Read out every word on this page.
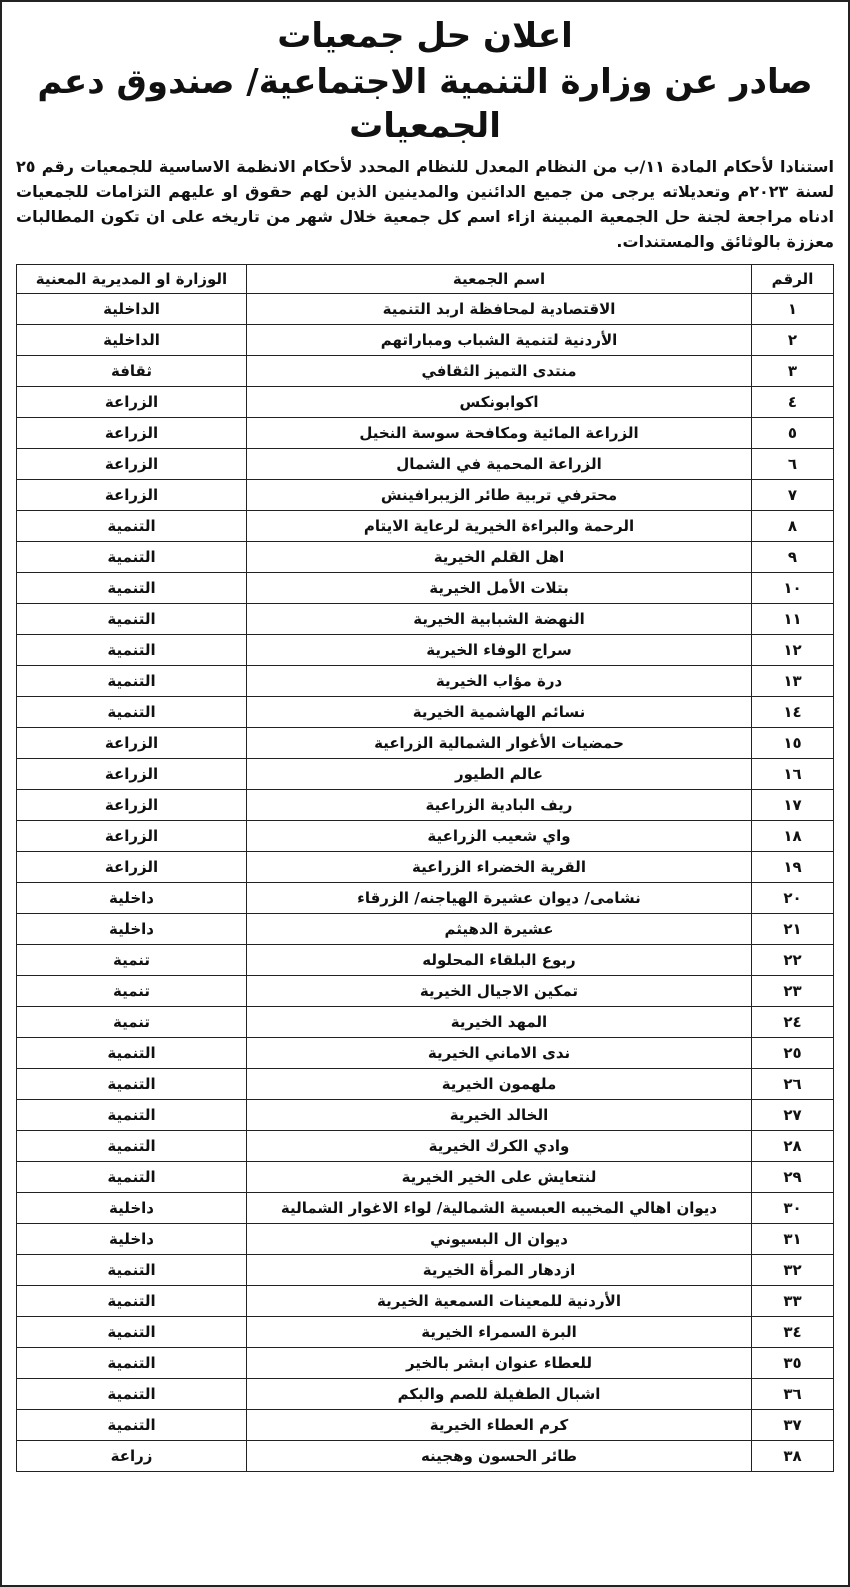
اعلان حل جمعيات
صادر عن وزارة التنمية الاجتماعية/ صندوق دعم الجمعيات

استنادا لأحكام المادة ١١/ب من النظام المعدل للنظام المحدد لأحكام الانظمة الاساسية للجمعيات رقم ٢٥ لسنة ٢٠٢٣م وتعديلاته يرجى من جميع الدائنين والمدينين الذين لهم حقوق او عليهم التزامات للجمعيات ادناه مراجعة لجنة حل الجمعية المبينة ازاء اسم كل جمعية خلال شهر من تاريخه على ان تكون المطالبات معززة بالوثائق والمستندات.

الرقم	اسم الجمعية	الوزارة او المديرية المعنية
١	الاقتصادية لمحافظة اربد التنمية	الداخلية
٢	الأردنية لتنمية الشباب ومباراتهم	الداخلية
٣	منتدى التميز الثقافي	ثقافة
٤	اكوابونكس	الزراعة
٥	الزراعة المائية ومكافحة سوسة النخيل	الزراعة
٦	الزراعة المحمية في الشمال	الزراعة
٧	محترفي تربية طائر الزيبرافينش	الزراعة
٨	الرحمة والبراءة الخيرية لرعاية الايتام	التنمية
٩	اهل القلم الخيرية	التنمية
١٠	بتلات الأمل الخيرية	التنمية
١١	النهضة الشبابية الخيرية	التنمية
١٢	سراج الوفاء الخيرية	التنمية
١٣	درة مؤاب الخيرية	التنمية
١٤	نسائم الهاشمية الخيرية	التنمية
١٥	حمضيات الأغوار الشمالية الزراعية	الزراعة
١٦	عالم الطيور	الزراعة
١٧	ريف البادية الزراعية	الزراعة
١٨	واي شعيب الزراعية	الزراعة
١٩	القرية الخضراء الزراعية	الزراعة
٢٠	نشامى/ ديوان عشيرة الهياجنه/ الزرقاء	داخلية
٢١	عشيرة الدهيثم	داخلية
٢٢	ربوع البلقاء المحلوله	تنمية
٢٣	تمكين الاجيال الخيرية	تنمية
٢٤	المهد الخيرية	تنمية
٢٥	ندى الاماني الخيرية	التنمية
٢٦	ملهمون الخيرية	التنمية
٢٧	الخالد الخيرية	التنمية
٢٨	وادي الكرك الخيرية	التنمية
٢٩	لنتعايش على الخير الخيرية	التنمية
٣٠	ديوان اهالي المخيبه العبسية الشمالية/ لواء الاغوار الشمالية	داخلية
٣١	ديوان ال البسيوني	داخلية
٣٢	ازدهار المرأة الخيرية	التنمية
٣٣	الأردنية للمعينات السمعية الخيرية	التنمية
٣٤	البرة السمراء الخيرية	التنمية
٣٥	للعطاء عنوان ابشر بالخير	التنمية
٣٦	اشبال الطفيلة للصم والبكم	التنمية
٣٧	كرم العطاء الخيرية	التنمية
٣٨	طائر الحسون وهجينه	زراعة
